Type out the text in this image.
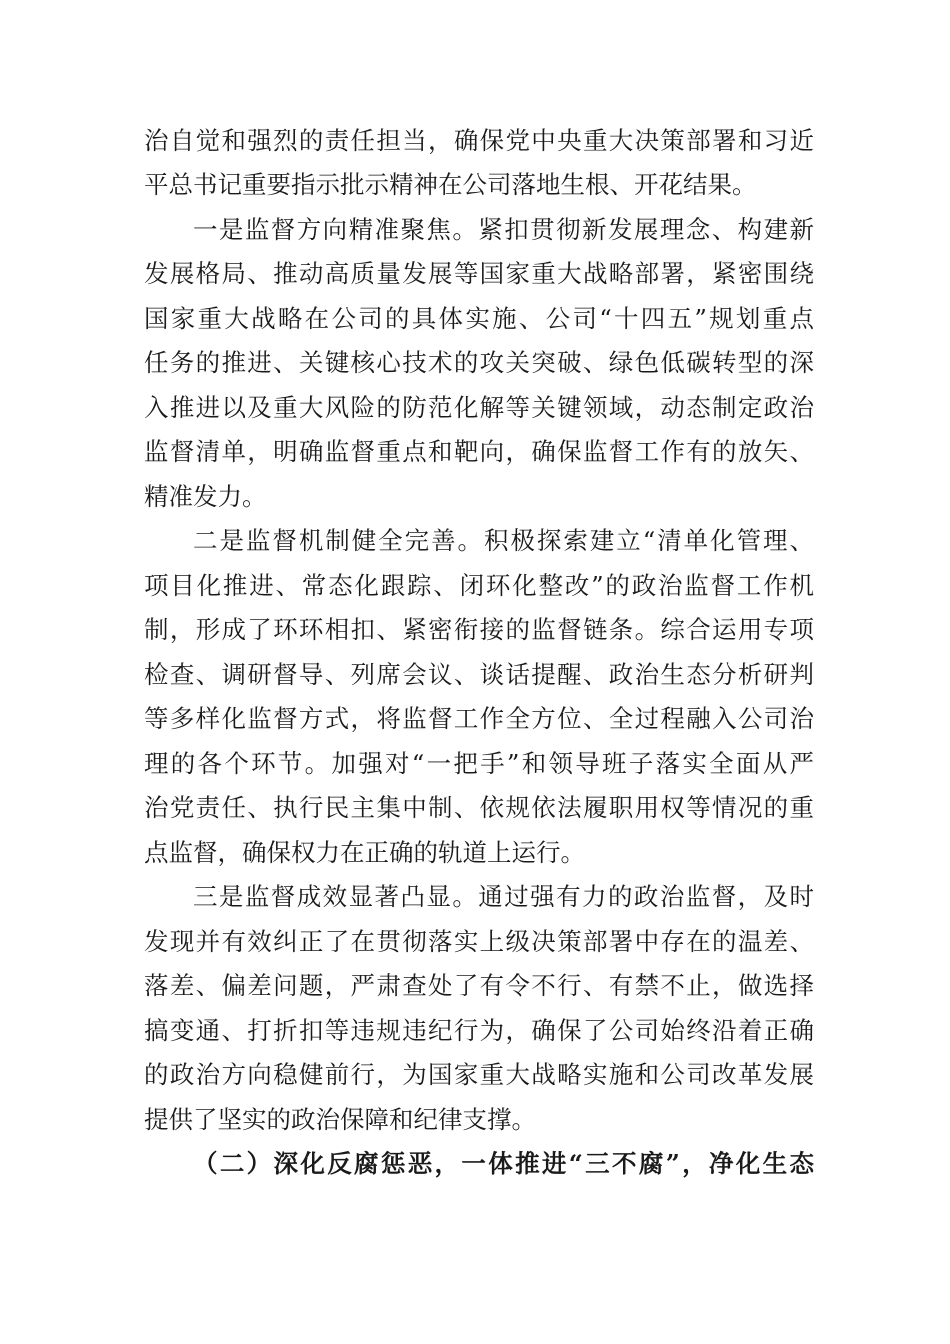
治自觉和强烈的责任担当，确保党中央重大决策部署和习近
平总书记重要指示批示精神在公司落地生根、开花结果。
一是监督方向精准聚焦。紧扣贯彻新发展理念、构建新
发展格局、推动高质量发展等国家重大战略部署，紧密围绕
国家重大战略在公司的具体实施、公司“十四五”规划重点
任务的推进、关键核心技术的攻关突破、绿色低碳转型的深
入推进以及重大风险的防范化解等关键领域，动态制定政治
监督清单，明确监督重点和靶向，确保监督工作有的放矢、
精准发力。
二是监督机制健全完善。积极探索建立“清单化管理、
项目化推进、常态化跟踪、闭环化整改”的政治监督工作机
制，形成了环环相扣、紧密衔接的监督链条。综合运用专项
检查、调研督导、列席会议、谈话提醒、政治生态分析研判
等多样化监督方式，将监督工作全方位、全过程融入公司治
理的各个环节。加强对“一把手”和领导班子落实全面从严
治党责任、执行民主集中制、依规依法履职用权等情况的重
点监督，确保权力在正确的轨道上运行。
三是监督成效显著凸显。通过强有力的政治监督，及时
发现并有效纠正了在贯彻落实上级决策部署中存在的温差、
落差、偏差问题，严肃查处了有令不行、有禁不止，做选择
搞变通、打折扣等违规违纪行为，确保了公司始终沿着正确
的政治方向稳健前行，为国家重大战略实施和公司改革发展
提供了坚实的政治保障和纪律支撑。
（二）深化反腐惩恶，一体推进“三不腐”，净化生态
